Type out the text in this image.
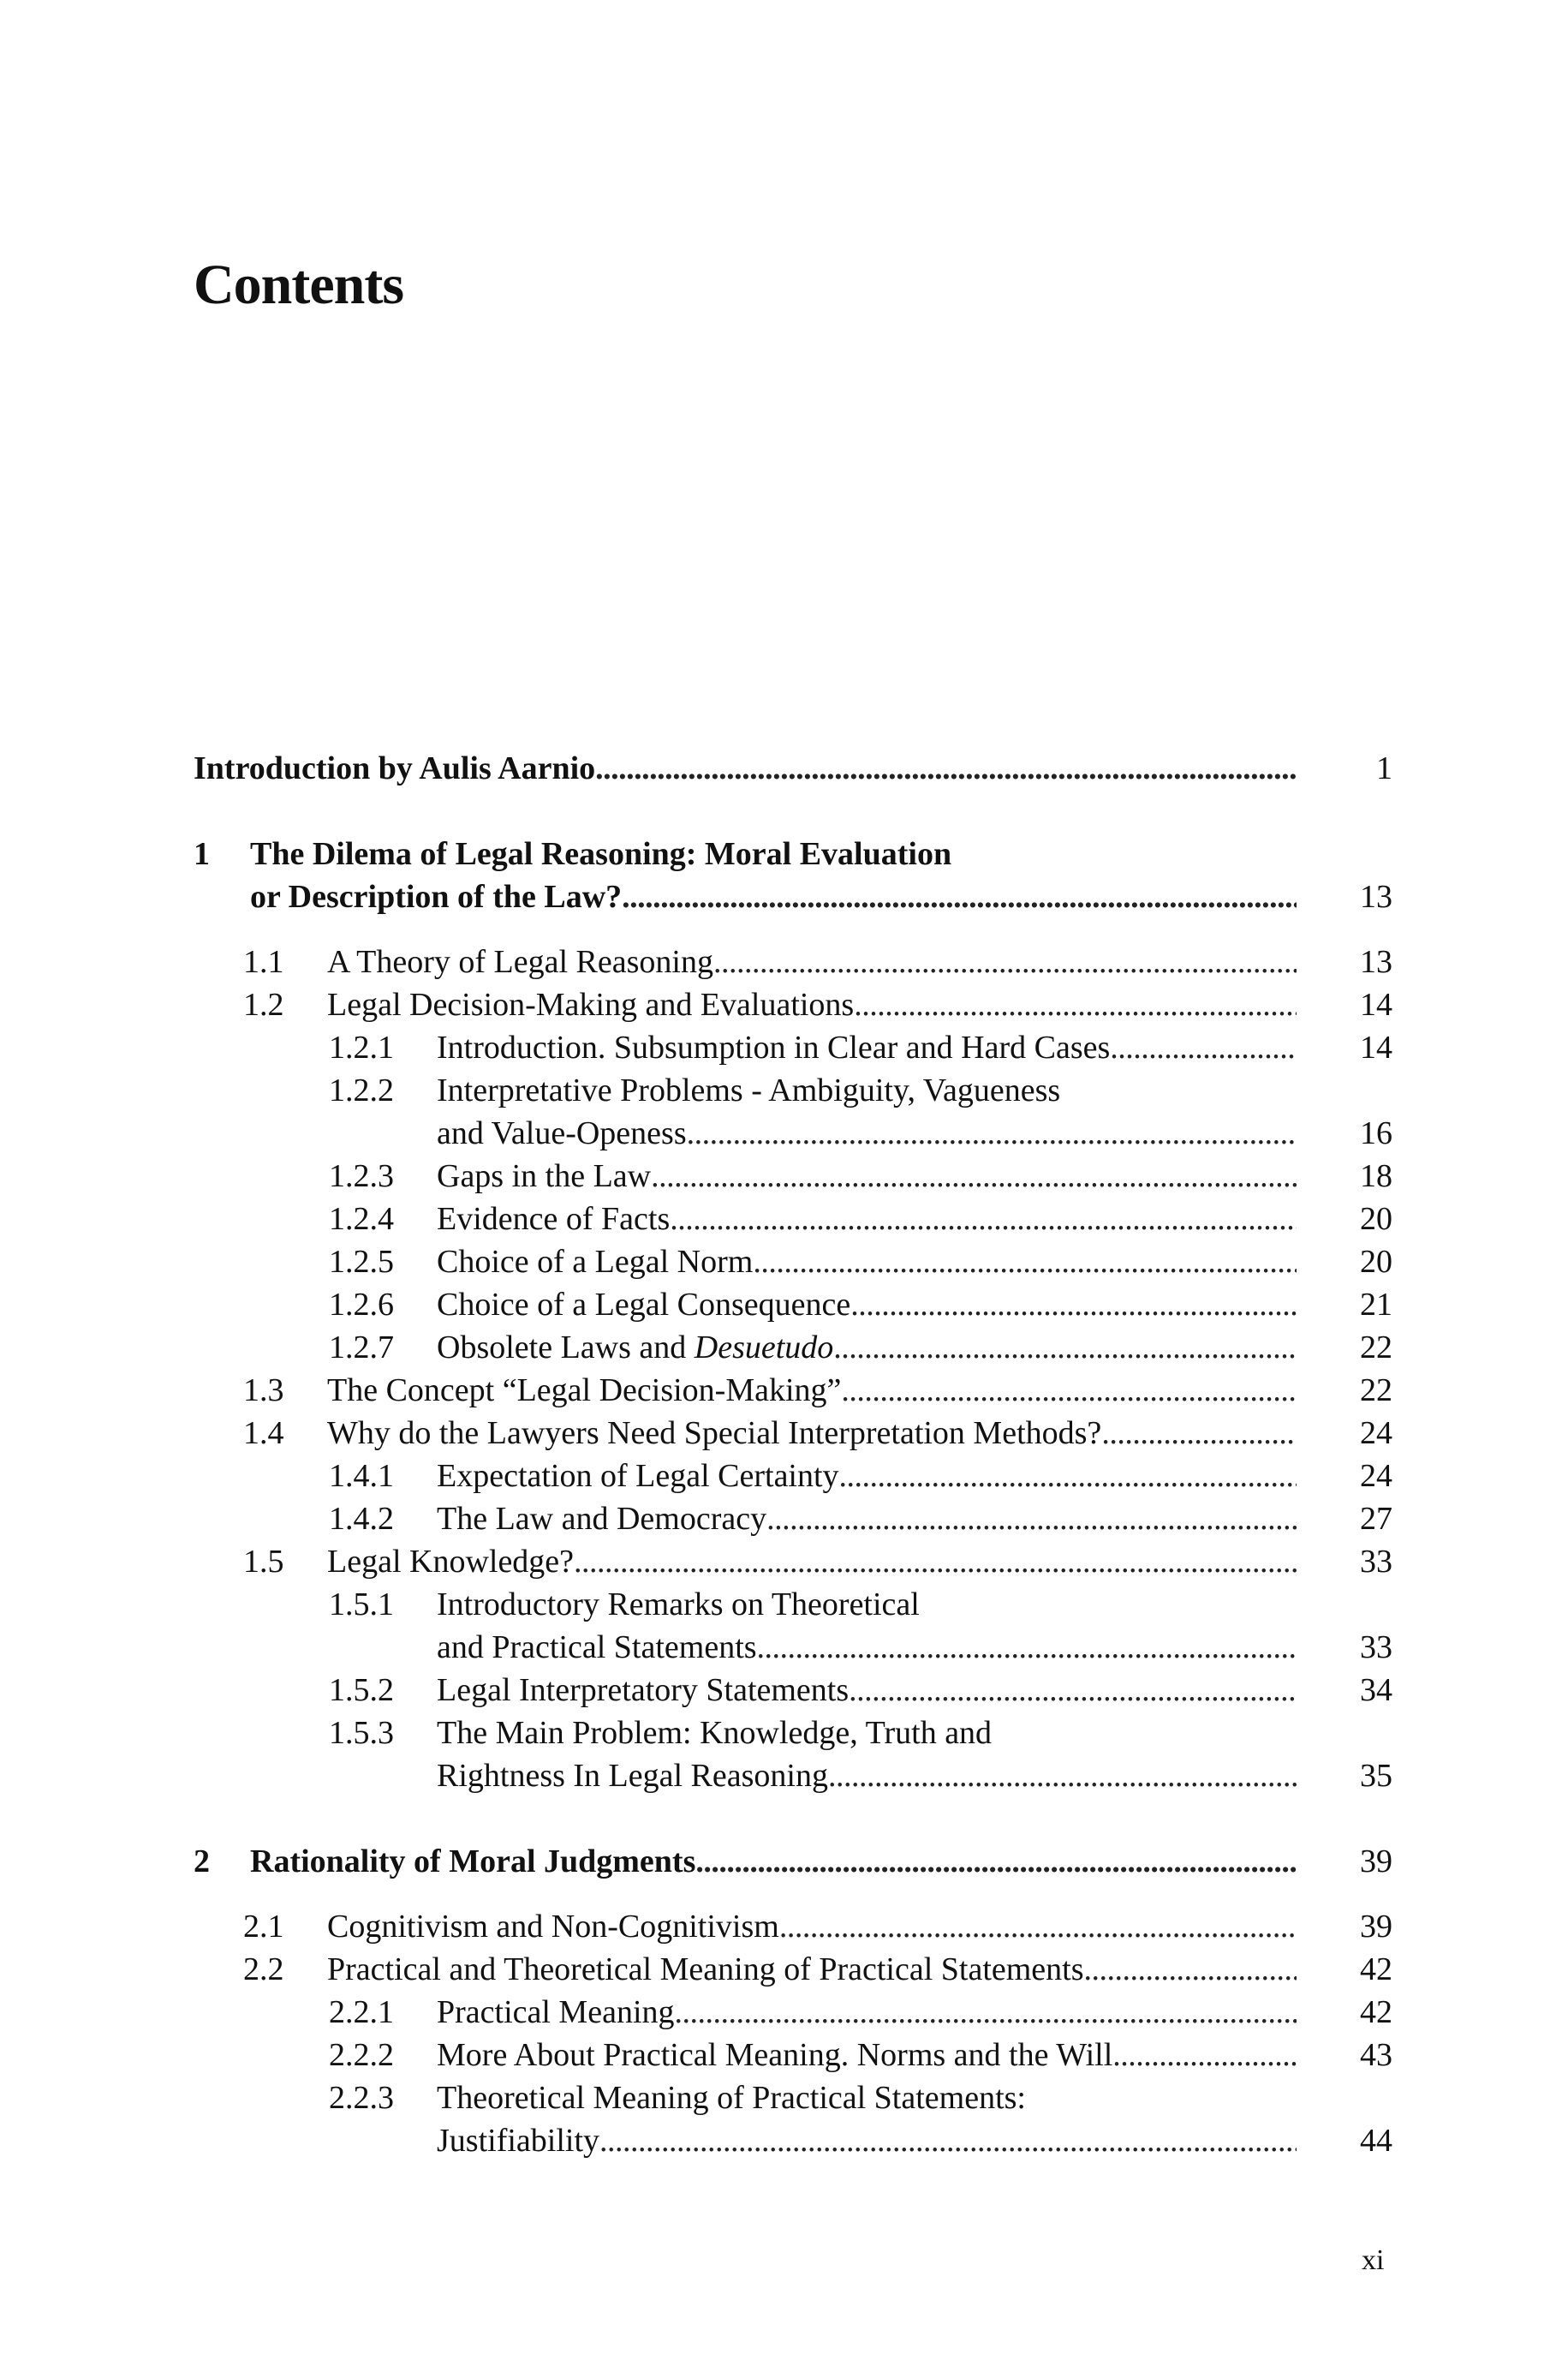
Contents
Introduction by Aulis Aarnio . . .	1
1 The Dilema of Legal Reasoning: Moral Evaluation
or Description of the Law? . . .	13
1.1 A Theory of Legal Reasoning . . .	13
1.2 Legal Decision-Making and Evaluations . . .	14
1.2.1 Introduction. Subsumption in Clear and Hard Cases . . .	14
1.2.2 Interpretative Problems - Ambiguity, Vagueness
and Value-Openess . . .	16
1.2.3 Gaps in the Law . . .	18
1.2.4 Evidence of Facts . . .	20
1.2.5 Choice of a Legal Norm . . .	20
1.2.6 Choice of a Legal Consequence . . .	21
1.2.7 Obsolete Laws and Desuetudo . . .	22
1.3 The Concept “Legal Decision-Making” . . .	22
1.4 Why do the Lawyers Need Special Interpretation Methods? . . .	24
1.4.1 Expectation of Legal Certainty . . .	24
1.4.2 The Law and Democracy . . .	27
1.5 Legal Knowledge? . . .	33
1.5.1 Introductory Remarks on Theoretical
and Practical Statements . . .	33
1.5.2 Legal Interpretatory Statements . . .	34
1.5.3 The Main Problem: Knowledge, Truth and
Rightness In Legal Reasoning . . .	35
2 Rationality of Moral Judgments . . .	39
2.1 Cognitivism and Non-Cognitivism . . .	39
2.2 Practical and Theoretical Meaning of Practical Statements . . .	42
2.2.1 Practical Meaning . . .	42
2.2.2 More About Practical Meaning. Norms and the Will . . .	43
2.2.3 Theoretical Meaning of Practical Statements:
Justifiability . . .	44
xi
